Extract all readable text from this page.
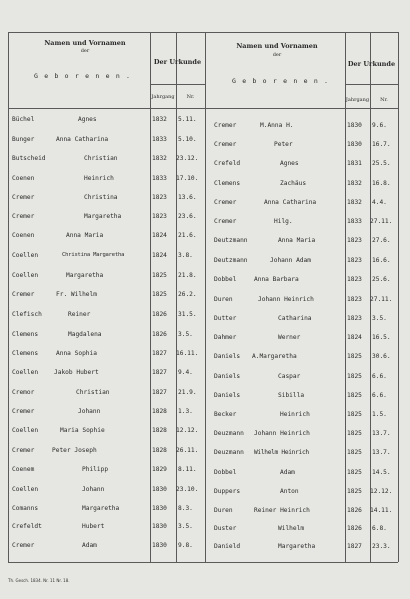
Namen und Vornamen
der
G e b o r e n e n .
Der Urkunde
Jahrgang	Nr.
Namen und Vornamen
der
G e b o r e n e n .
Der Urkunde
Jahrgang	Nr.
Büchel	Agnes	1832 5.11.
Bunger	Anna Catharina	1833 5.10.
Butscheid	Christian	1832 23.12.
Coenen	Heinrich	1833 17.10.
Cremer	Christina	1823 13.6.
Cremer	Margaretha	1823 23.6.
Coenen	Anna Maria	1824 21.6.
Coellen	Christina Margaretha	1824 3.8.
Coellen	Margaretha	1825 21.8.
Cremer	Fr. Wilhelm	1825 26.2.
Clefisch	Reiner	1826 31.5.
Clemens	Magdalena	1826 3.5.
Clemens	Anna Sophia	1827 16.11.
Coellen	Jakob Hubert	1827 9.4.
Cremor	Christian	1827 21.9.
Cremer	Johann	1828 1.3.
Coellen	Maria Sophie	1828 12.12.
Cremer	Peter Joseph	1828 26.11.
Coenem	Philipp	1829 8.11.
Coellen	Johann	1830 23.10.
Comanns	Margaretha	1830 8.3.
Crefeldt	Hubert	1830 3.5.
Cremer	Adam	1830 9.8.
Cremer	M.Anna H.	1830 9.6.
Cremer	Peter	1830 16.7.
Crefeld	Agnes	1831 25.5.
Clemens	Zachäus	1832 16.8.
Cremer	Anna Catharina	1832 4.4.
Cremer	Hilg.	1833 27.11.
Deutzmann	Anna Maria	1823 27.6.
Deutzmann	Johann Adam	1823 16.6.
Dobbel	Anna Barbara	1823 25.6.
Duren	Johann Heinrich	1823 27.11.
Dutter	Catharina	1823 3.5.
Dahmer	Werner	1824 16.5.
Daniels A.Margaretha	1825 30.6.
Daniels	Caspar	1825 6.6.
Daniels	Sibilla	1825 6.6.
Becker	Heinrich	1825 1.5.
Deuzmann Johann Heinrich	1825 13.7.
Deuzmann Wilhelm Heinrich	1825 13.7.
Dobbel	Adam	1825 14.5.
Duppers	Anton	1825 12.12.
Duren	Reiner Heinrich	1826 14.11.
Duster	Wilhelm	1826 6.8.
Danield	Margaretha	1827 23.3.
Th. Gesch. 1834. Nr. 11 Nr. 18.
